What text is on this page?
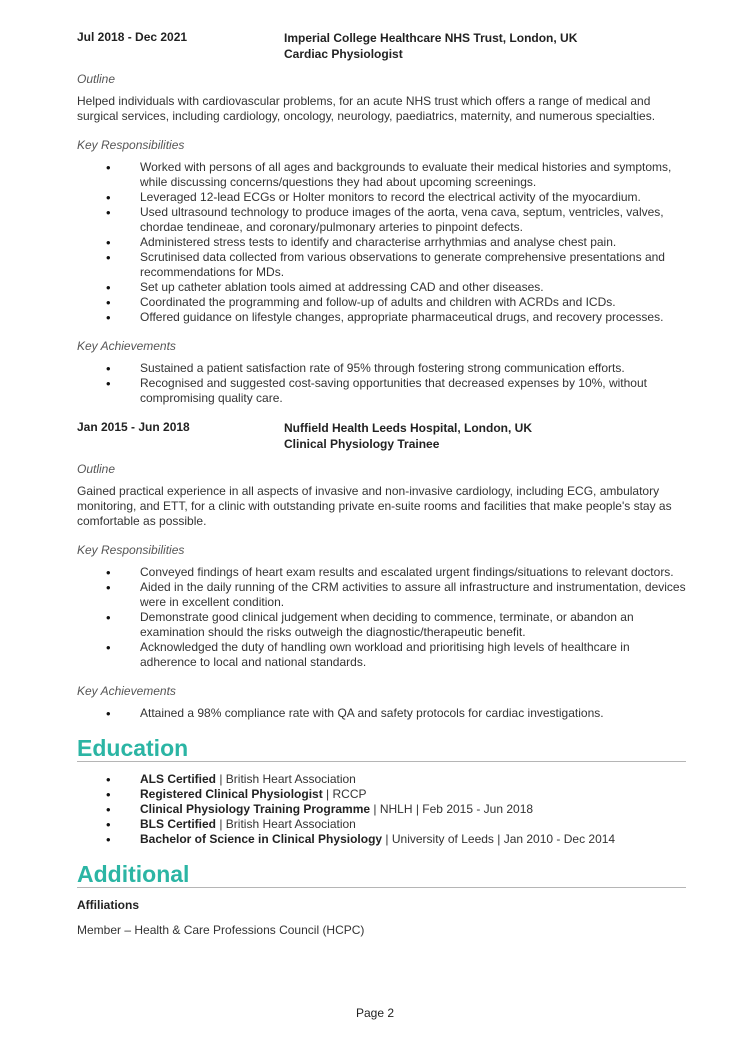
Jul 2018 - Dec 2021	Imperial College Healthcare NHS Trust, London, UK
Cardiac Physiologist
Outline

Helped individuals with cardiovascular problems, for an acute NHS trust which offers a range of medical and surgical services, including cardiology, oncology, neurology, paediatrics, maternity, and numerous specialties.

Key Responsibilities
• Worked with persons of all ages and backgrounds to evaluate their medical histories and symptoms, while discussing concerns/questions they had about upcoming screenings.
• Leveraged 12-lead ECGs or Holter monitors to record the electrical activity of the myocardium.
• Used ultrasound technology to produce images of the aorta, vena cava, septum, ventricles, valves, chordae tendineae, and coronary/pulmonary arteries to pinpoint defects.
• Administered stress tests to identify and characterise arrhythmias and analyse chest pain.
• Scrutinised data collected from various observations to generate comprehensive presentations and recommendations for MDs.
• Set up catheter ablation tools aimed at addressing CAD and other diseases.
• Coordinated the programming and follow-up of adults and children with ACRDs and ICDs.
• Offered guidance on lifestyle changes, appropriate pharmaceutical drugs, and recovery processes.
Key Achievements
• Sustained a patient satisfaction rate of 95% through fostering strong communication efforts.
• Recognised and suggested cost-saving opportunities that decreased expenses by 10%, without compromising quality care.
Jan 2015 - Jun 2018	Nuffield Health Leeds Hospital, London, UK
Clinical Physiology Trainee
Outline

Gained practical experience in all aspects of invasive and non-invasive cardiology, including ECG, ambulatory monitoring, and ETT, for a clinic with outstanding private en-suite rooms and facilities that make people's stay as comfortable as possible.

Key Responsibilities
• Conveyed findings of heart exam results and escalated urgent findings/situations to relevant doctors.
• Aided in the daily running of the CRM activities to assure all infrastructure and instrumentation, devices were in excellent condition.
• Demonstrate good clinical judgement when deciding to commence, terminate, or abandon an examination should the risks outweigh the diagnostic/therapeutic benefit.
• Acknowledged the duty of handling own workload and prioritising high levels of healthcare in adherence to local and national standards.
Key Achievements
• Attained a 98% compliance rate with QA and safety protocols for cardiac investigations.
Education
• ALS Certified | British Heart Association
• Registered Clinical Physiologist | RCCP
• Clinical Physiology Training Programme | NHLH | Feb 2015 - Jun 2018
• BLS Certified | British Heart Association
• Bachelor of Science in Clinical Physiology | University of Leeds | Jan 2010 - Dec 2014
Additional
Affiliations
Member – Health & Care Professions Council (HCPC)
Page 2
